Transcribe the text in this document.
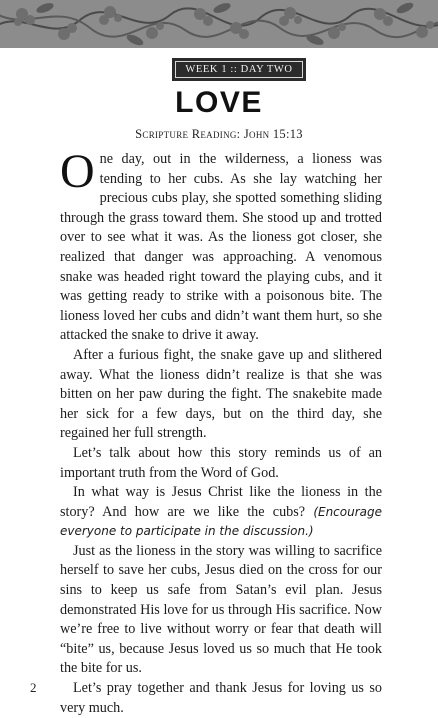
WEEK 1 :: DAY TWO
LOVE
Scripture Reading: John 15:13

One day, out in the wilderness, a lioness was tending to her cubs. As she lay watching her precious cubs play, she spotted something sliding through the grass toward them. She stood up and trotted over to see what it was. As the lioness got closer, she realized that danger was approaching. A venomous snake was headed right toward the playing cubs, and it was getting ready to strike with a poisonous bite. The lioness loved her cubs and didn’t want them hurt, so she attacked the snake to drive it away.

After a furious fight, the snake gave up and slithered away. What the lioness didn’t realize is that she was bitten on her paw during the fight. The snakebite made her sick for a few days, but on the third day, she regained her full strength.

Let’s talk about how this story reminds us of an important truth from the Word of God.

In what way is Jesus Christ like the lioness in the story? And how are we like the cubs? (Encourage everyone to participate in the discussion.)

Just as the lioness in the story was willing to sacrifice herself to save her cubs, Jesus died on the cross for our sins to keep us safe from Satan’s evil plan. Jesus demonstrated His love for us through His sacrifice. Now we’re free to live without worry or fear that death will “bite” us, because Jesus loved us so much that He took the bite for us.

Let’s pray together and thank Jesus for loving us so very much.

2
